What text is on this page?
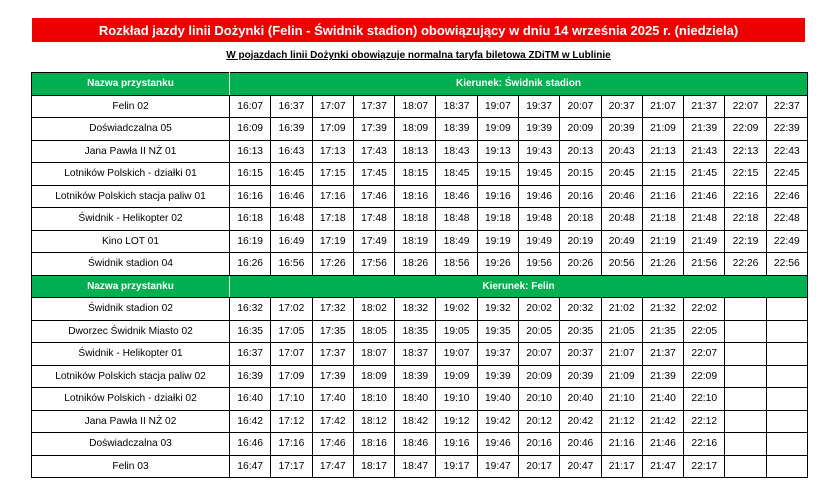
Rozkład jazdy linii Dożynki (Felin - Świdnik stadion) obowiązujący w dniu 14 września 2025 r. (niedziela)
W pojazdach linii Dożynki obowiązuje normalna taryfa biletowa ZDiTM w Lublinie
Nazwa przystanku	Kierunek: Świdnik stadion													
Felin 02	16:07	16:37	17:07	17:37	18:07	18:37	19:07	19:37	20:07	20:37	21:07	21:37	22:07	22:37
Doświadczalna 05	16:09	16:39	17:09	17:39	18:09	18:39	19:09	19:39	20:09	20:39	21:09	21:39	22:09	22:39
Jana Pawła II NŻ 01	16:13	16:43	17:13	17:43	18:13	18:43	19:13	19:43	20:13	20:43	21:13	21:43	22:13	22:43
Lotników Polskich - działki 01	16:15	16:45	17:15	17:45	18:15	18:45	19:15	19:45	20:15	20:45	21:15	21:45	22:15	22:45
Lotników Polskich stacja paliw 01	16:16	16:46	17:16	17:46	18:16	18:46	19:16	19:46	20:16	20:46	21:16	21:46	22:16	22:46
Świdnik - Helikopter 02	16:18	16:48	17:18	17:48	18:18	18:48	19:18	19:48	20:18	20:48	21:18	21:48	22:18	22:48
Kino LOT 01	16:19	16:49	17:19	17:49	18:19	18:49	19:19	19:49	20:19	20:49	21:19	21:49	22:19	22:49
Świdnik stadion 04	16:26	16:56	17:26	17:56	18:26	18:56	19:26	19:56	20:26	20:56	21:26	21:56	22:26	22:56
Nazwa przystanku	Kierunek: Felin													
Świdnik stadion 02	16:32	17:02	17:32	18:02	18:32	19:02	19:32	20:02	20:32	21:02	21:32	22:02		
Dworzec Świdnik Miasto 02	16:35	17:05	17:35	18:05	18:35	19:05	19:35	20:05	20:35	21:05	21:35	22:05		
Świdnik - Helikopter 01	16:37	17:07	17:37	18:07	18:37	19:07	19:37	20:07	20:37	21:07	21:37	22:07		
Lotników Polskich stacja paliw 02	16:39	17:09	17:39	18:09	18:39	19:09	19:39	20:09	20:39	21:09	21:39	22:09		
Lotników Polskich - działki 02	16:40	17:10	17:40	18:10	18:40	19:10	19:40	20:10	20:40	21:10	21:40	22:10		
Jana Pawła II NŻ 02	16:42	17:12	17:42	18:12	18:42	19:12	19:42	20:12	20:42	21:12	21:42	22:12		
Doświadczalna 03	16:46	17:16	17:46	18:16	18:46	19:16	19:46	20:16	20:46	21:16	21:46	22:16		
Felin 03	16:47	17:17	17:47	18:17	18:47	19:17	19:47	20:17	20:47	21:17	21:47	22:17		
